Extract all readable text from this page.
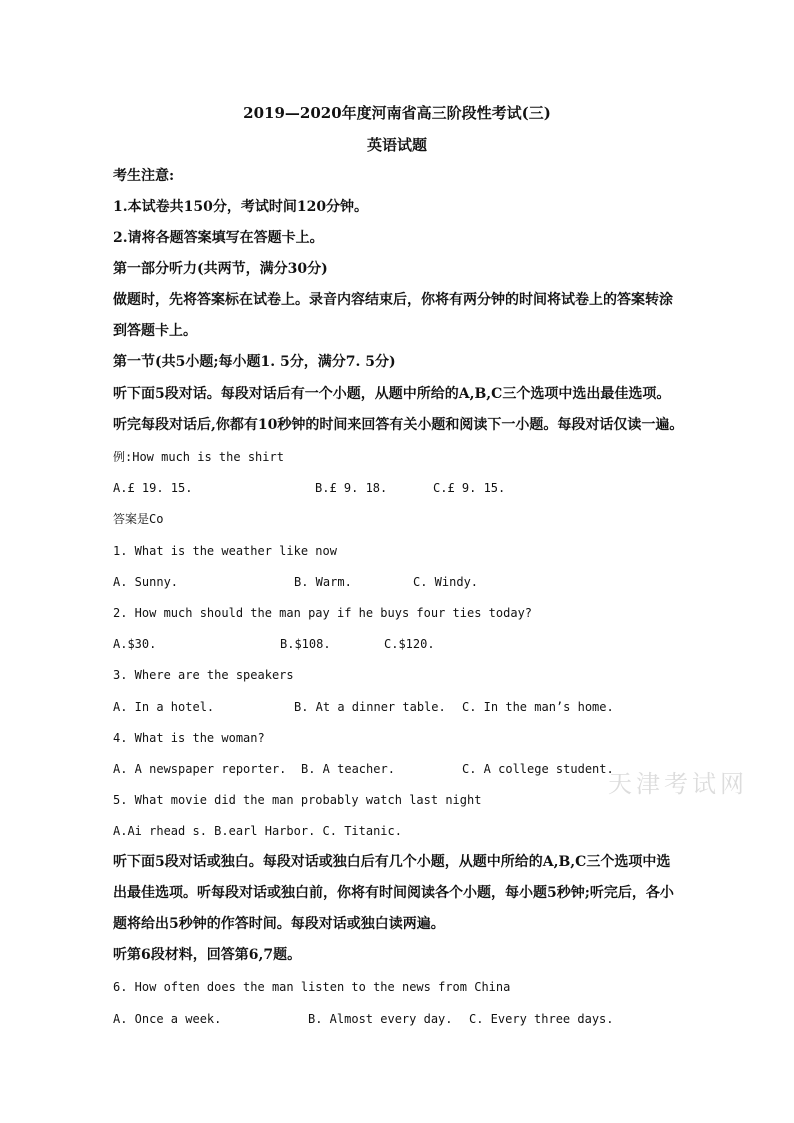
2019—2020年度河南省高三阶段性考试(三)
英语试题
考生注意:
1.本试卷共150分，考试时间120分钟。
2.请将各题答案填写在答题卡上。
第一部分听力(共两节，满分30分)
做题时，先将答案标在试卷上。录音内容结束后，你将有两分钟的时间将试卷上的答案转涂
到答题卡上。
第一节(共5小题;每小题1. 5分，满分7. 5分)
听下面5段对话。每段对话后有一个小题，从题中所给的A,B,C三个选项中选出最佳选项。
听完每段对话后,你都有10秒钟的时间来回答有关小题和阅读下一小题。每段对话仅读一遍。
例:How much is the shirt
A.£ 19. 15.	B.£ 9. 18.	C.£ 9. 15.
答案是Co
1. What is the weather like now
A. Sunny.	B. Warm.	C. Windy.
2. How much should the man pay if he buys four ties today?
A.$30.	B.$108.	C.$120.
3. Where are the speakers
A. In a hotel.	B. At a dinner table. C. In the man’s home.
4. What is the woman?
A. A newspaper reporter. B. A teacher.	C. A college student.
5. What movie did the man probably watch last night
A.Ai rhead s. B.earl Harbor. C. Titanic.
听下面5段对话或独白。每段对话或独白后有几个小题，从题中所给的A,B,C三个选项中选
出最佳选项。听每段对话或独白前，你将有时间阅读各个小题，每小题5秒钟;听完后，各小
题将给出5秒钟的作答时间。每段对话或独白读两遍。
听第6段材料，回答第6,7题。
6. How often does the man listen to the news from China
A. Once a week.	B. Almost every day. C. Every three days.
天津考试网
